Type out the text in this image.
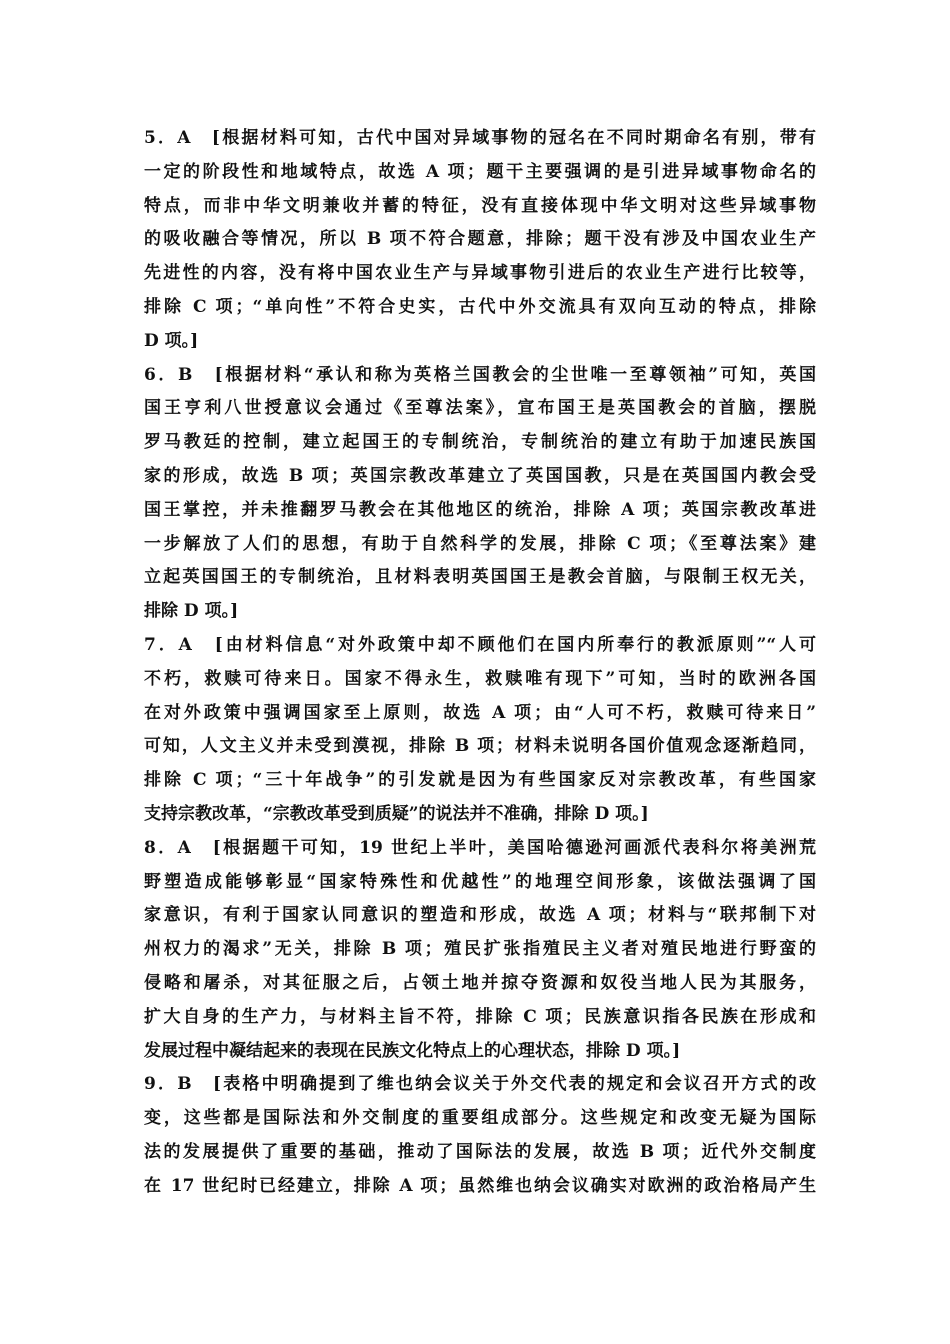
5．A　[根据材料可知，古代中国对异域事物的冠名在不同时期命名有别，带有
一定的阶段性和地域特点，故选 A 项；题干主要强调的是引进异域事物命名的
特点，而非中华文明兼收并蓄的特征，没有直接体现中华文明对这些异域事物
的吸收融合等情况，所以 B 项不符合题意，排除；题干没有涉及中国农业生产
先进性的内容，没有将中国农业生产与异域事物引进后的农业生产进行比较等，
排除 C 项；“单向性”不符合史实，古代中外交流具有双向互动的特点，排除
D 项。]
6．B　[根据材料“承认和称为英格兰国教会的尘世唯一至尊领袖”可知，英国
国王亨利八世授意议会通过《至尊法案》，宣布国王是英国教会的首脑，摆脱
罗马教廷的控制，建立起国王的专制统治，专制统治的建立有助于加速民族国
家的形成，故选 B 项；英国宗教改革建立了英国国教，只是在英国国内教会受
国王掌控，并未推翻罗马教会在其他地区的统治，排除 A 项；英国宗教改革进
一步解放了人们的思想，有助于自然科学的发展，排除 C 项；《至尊法案》建
立起英国国王的专制统治，且材料表明英国国王是教会首脑，与限制王权无关，
排除 D 项。]
7．A　[由材料信息“对外政策中却不顾他们在国内所奉行的教派原则”“人可
不朽，救赎可待来日。国家不得永生，救赎唯有现下”可知，当时的欧洲各国
在对外政策中强调国家至上原则，故选 A 项；由“人可不朽，救赎可待来日”
可知，人文主义并未受到漠视，排除 B 项；材料未说明各国价值观念逐渐趋同，
排除 C 项；“三十年战争”的引发就是因为有些国家反对宗教改革，有些国家
支持宗教改革，“宗教改革受到质疑”的说法并不准确，排除 D 项。]
8．A　[根据题干可知，19 世纪上半叶，美国哈德逊河画派代表科尔将美洲荒
野塑造成能够彰显“国家特殊性和优越性”的地理空间形象，该做法强调了国
家意识，有利于国家认同意识的塑造和形成，故选 A 项；材料与“联邦制下对
州权力的渴求”无关，排除 B 项；殖民扩张指殖民主义者对殖民地进行野蛮的
侵略和屠杀，对其征服之后，占领土地并掠夺资源和奴役当地人民为其服务，
扩大自身的生产力，与材料主旨不符，排除 C 项；民族意识指各民族在形成和
发展过程中凝结起来的表现在民族文化特点上的心理状态，排除 D 项。]
9．B　[表格中明确提到了维也纳会议关于外交代表的规定和会议召开方式的改
变，这些都是国际法和外交制度的重要组成部分。这些规定和改变无疑为国际
法的发展提供了重要的基础，推动了国际法的发展，故选 B 项；近代外交制度
在 17 世纪时已经建立，排除 A 项；虽然维也纳会议确实对欧洲的政治格局产生
